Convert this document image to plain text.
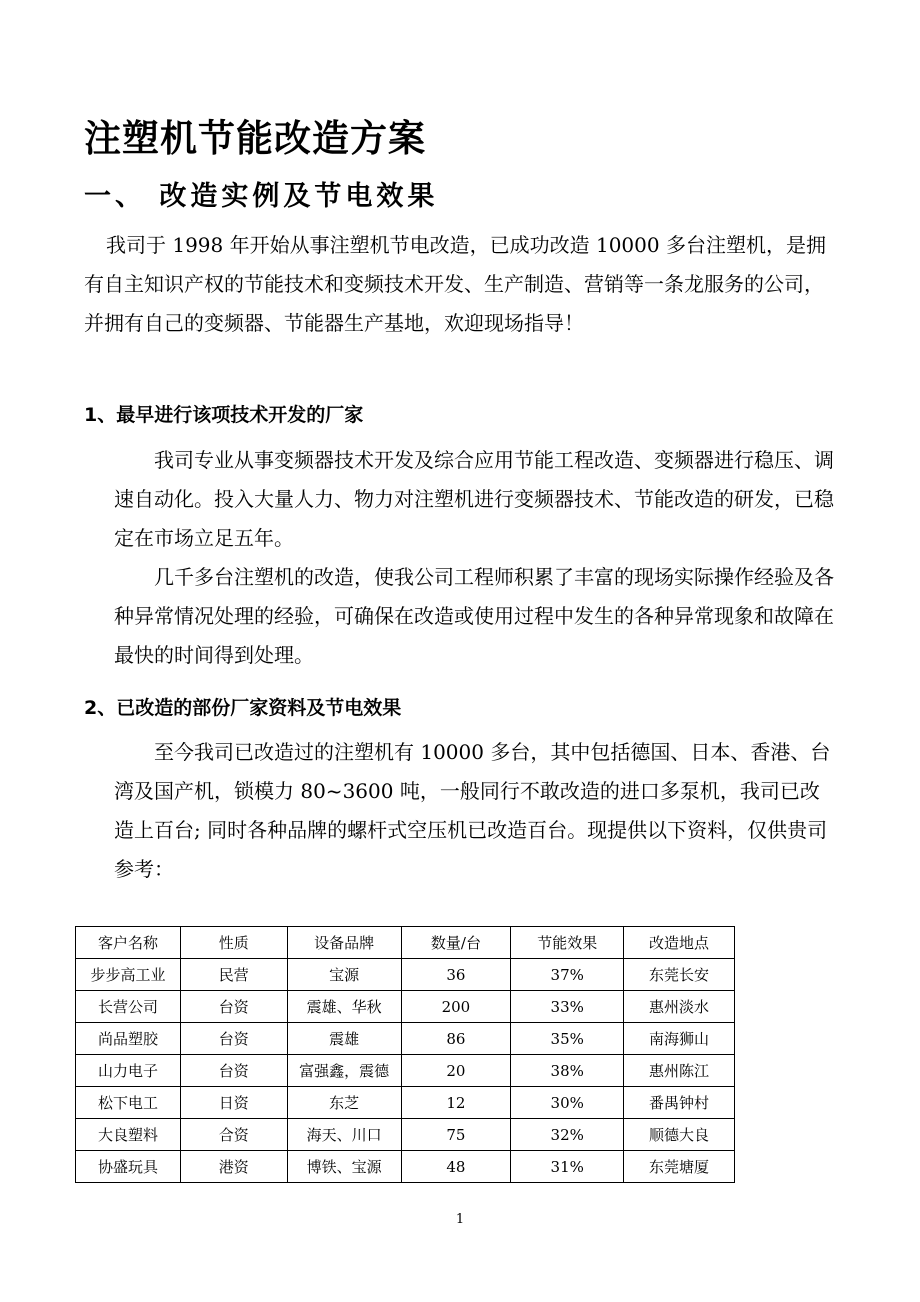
注塑机节能改造方案
一、 改造实例及节电效果

我司于 1998 年开始从事注塑机节电改造，已成功改造 10000 多台注塑机，是拥有自主知识产权的节能技术和变频技术开发、生产制造、营销等一条龙服务的公司，并拥有自己的变频器、节能器生产基地，欢迎现场指导！

1、最早进行该项技术开发的厂家

我司专业从事变频器技术开发及综合应用节能工程改造、变频器进行稳压、调速自动化。投入大量人力、物力对注塑机进行变频器技术、节能改造的研发，已稳定在市场立足五年。

几千多台注塑机的改造，使我公司工程师积累了丰富的现场实际操作经验及各种异常情况处理的经验，可确保在改造或使用过程中发生的各种异常现象和故障在最快的时间得到处理。

2、已改造的部份厂家资料及节电效果

至今我司已改造过的注塑机有 10000 多台，其中包括德国、日本、香港、台湾及国产机，锁模力 80~3600 吨，一般同行不敢改造的进口多泵机，我司已改造上百台; 同时各种品牌的螺杆式空压机已改造百台。现提供以下资料，仅供贵司参考：

客户名称	性质	设备品牌	数量/台	节能效果	改造地点
步步高工业	民营	宝源	36	37%	东莞长安
长营公司	台资	震雄、华秋	200	33%	惠州淡水
尚品塑胶	台资	震雄	86	35%	南海狮山
山力电子	台资	富强鑫，震德	20	38%	惠州陈江
松下电工	日资	东芝	12	30%	番禺钟村
大良塑料	合资	海天、川口	75	32%	顺德大良
协盛玩具	港资	博铁、宝源	48	31%	东莞塘厦
1
